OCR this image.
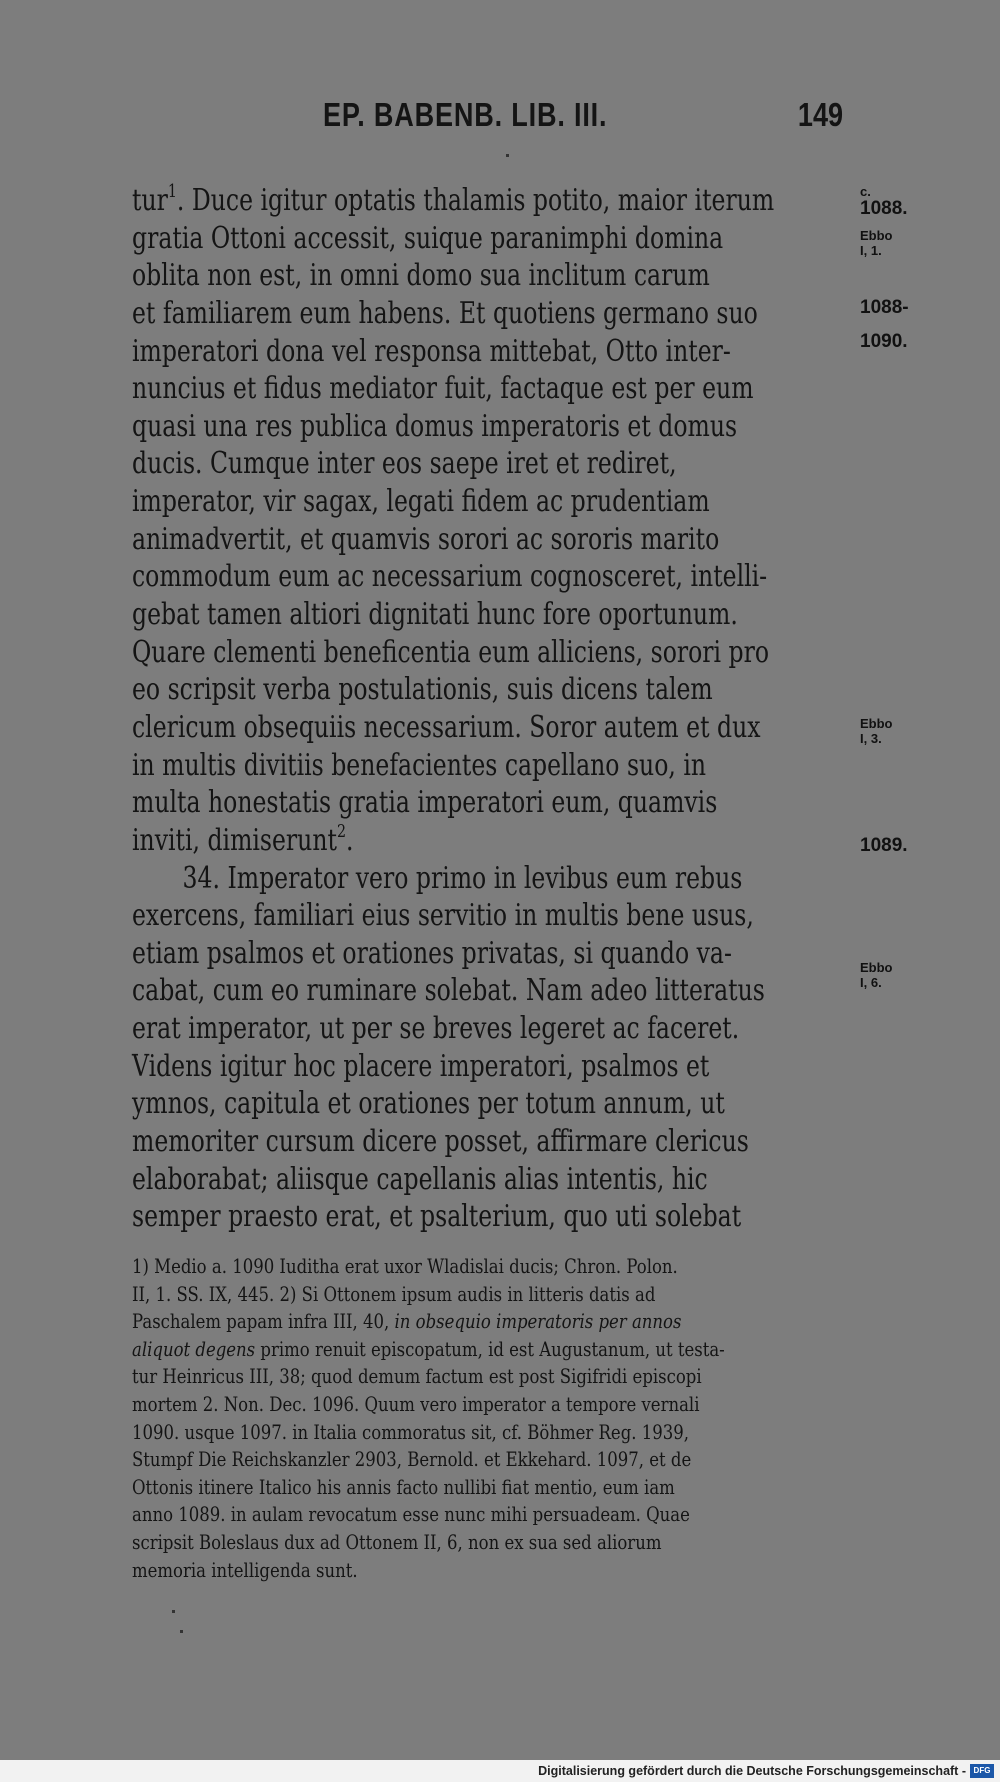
EP. BABENB. LIB. III.	149
tur$^1$. Duce igitur optatis thalamis potito, maior iterum
gratia Ottoni accessit, suique paranimphi domina
oblita non est, in omni domo sua inclitum carum
et familiarem eum habens. Et quotiens germano suo
imperatori dona vel responsa mittebat, Otto inter-
nuncius et fidus mediator fuit, factaque est per eum
quasi una res publica domus imperatoris et domus
ducis. Cumque inter eos saepe iret et rediret,
imperator, vir sagax, legati fidem ac prudentiam
animadvertit, et quamvis sorori ac sororis marito
commodum eum ac necessarium cognosceret, intelli-
gebat tamen altiori dignitati hunc fore oportunum.
Quare clementi beneficentia eum alliciens, sorori pro
eo scripsit verba postulationis, suis dicens talem
clericum obsequiis necessarium. Soror autem et dux
in multis divitiis benefacientes capellano suo, in
multa honestatis gratia imperatori eum, quamvis
inviti, dimiserunt$^2$.
34. Imperator vero primo in levibus eum rebus
exercens, familiari eius servitio in multis bene usus,
etiam psalmos et orationes privatas, si quando va-
cabat, cum eo ruminare solebat. Nam adeo litteratus
erat imperator, ut per se breves legeret ac faceret.
Videns igitur hoc placere imperatori, psalmos et
ymnos, capitula et orationes per totum annum, ut
memoriter cursum dicere posset, affirmare clericus
elaborabat; aliisque capellanis alias intentis, hic
semper praesto erat, et psalterium, quo uti solebat
c.
1088.
Ebbo
I, 1.
1088-
1090.
Ebbo
I, 3.
1089.
Ebbo
I, 6.
1) Medio a. 1090 Iuditha erat uxor Wladislai ducis; Chron. Polon.
II, 1. SS. IX, 445. 2) Si Ottonem ipsum audis in litteris datis ad
Paschalem papam infra III, 40, in obsequio imperatoris per annos
aliquot degens primo renuit episcopatum, id est Augustanum, ut testa-
tur Heinricus III, 38; quod demum factum est post Sigifridi episcopi
mortem 2. Non. Dec. 1096. Quum vero imperator a tempore vernali
1090. usque 1097. in Italia commoratus sit, cf. Böhmer Reg. 1939,
Stumpf Die Reichskanzler 2903, Bernold. et Ekkehard. 1097, et de
Ottonis itinere Italico his annis facto nullibi fiat mentio, eum iam
anno 1089. in aulam revocatum esse nunc mihi persuadeam. Quae
scripsit Boleslaus dux ad Ottonem II, 6, non ex sua sed aliorum
memoria intelligenda sunt.
Digitalisierung gefördert durch die Deutsche Forschungsgemeinschaft - DFG
